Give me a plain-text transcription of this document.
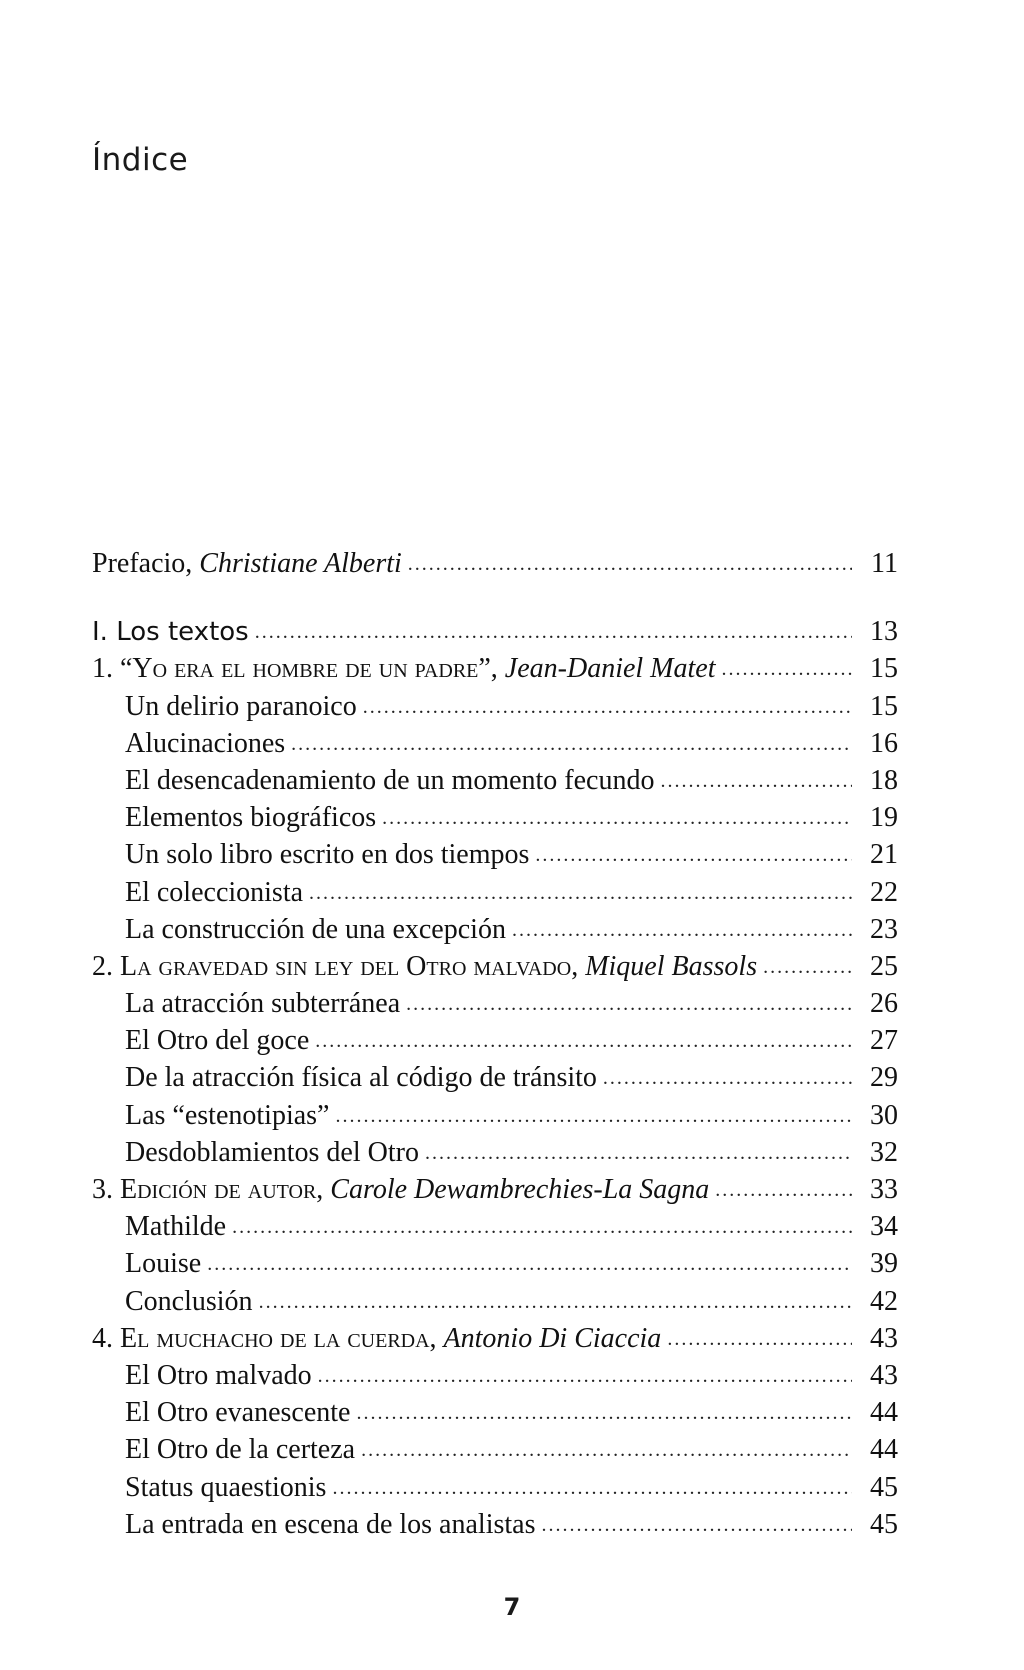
Índice
Prefacio, Christiane Alberti .....	11
I. Los textos .....	13
1. “Yo era el hombre de un padre”, Jean-Daniel Matet .....	15
Un delirio paranoico .....	15
Alucinaciones .....	16
El desencadenamiento de un momento fecundo .....	18
Elementos biográficos .....	19
Un solo libro escrito en dos tiempos .....	21
El coleccionista .....	22
La construcción de una excepción .....	23
2. La gravedad sin ley del Otro malvado, Miquel Bassols .....	25
La atracción subterránea .....	26
El Otro del goce .....	27
De la atracción física al código de tránsito .....	29
Las “estenotipias” .....	30
Desdoblamientos del Otro .....	32
3. Edición de autor, Carole Dewambrechies-La Sagna .....	33
Mathilde .....	34
Louise .....	39
Conclusión .....	42
4. El muchacho de la cuerda, Antonio Di Ciaccia .....	43
El Otro malvado .....	43
El Otro evanescente .....	44
El Otro de la certeza .....	44
Status quaestionis .....	45
La entrada en escena de los analistas .....	45
7
